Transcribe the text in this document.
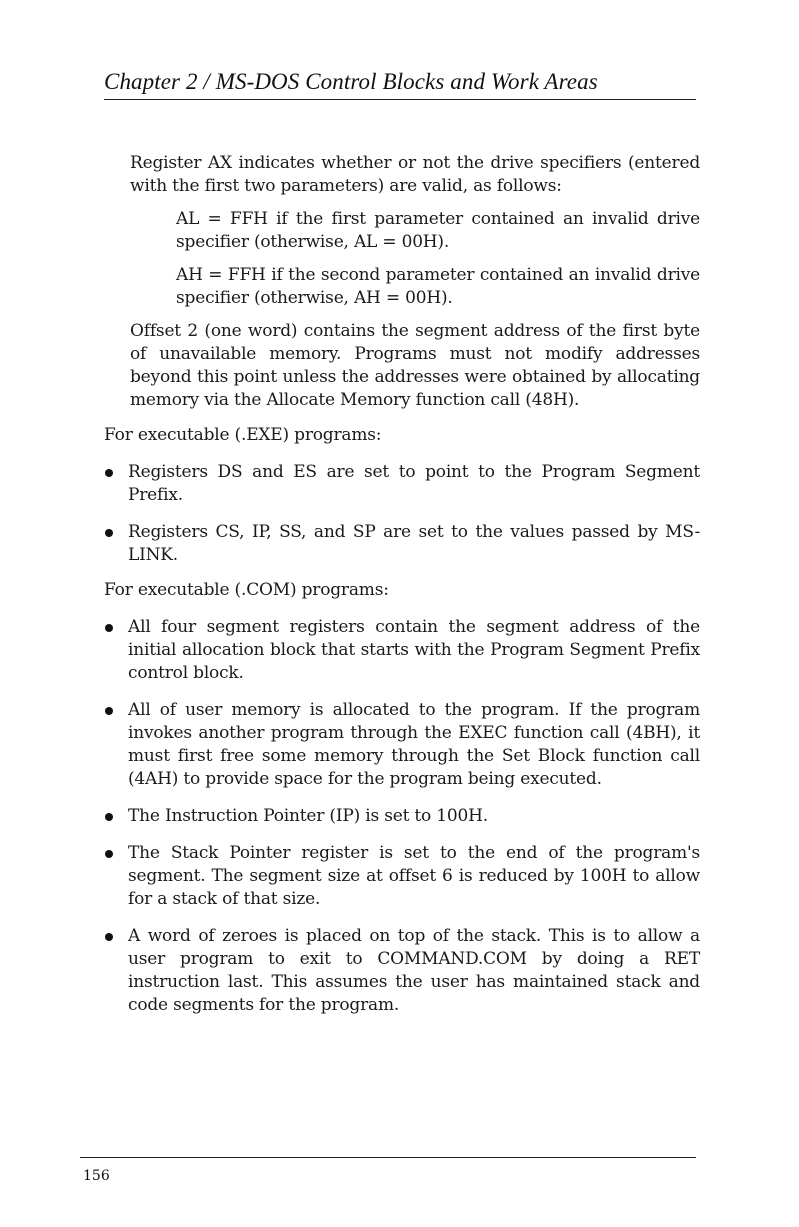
Chapter 2 / MS-DOS Control Blocks and Work Areas

Register AX indicates whether or not the drive specifiers (entered with the first two parameters) are valid, as follows:

AL = FFH if the first parameter contained an invalid drive specifier (otherwise, AL = 00H).

AH = FFH if the second parameter contained an invalid drive specifier (otherwise, AH = 00H).

Offset 2 (one word) contains the segment address of the first byte of unavailable memory. Programs must not modify addresses beyond this point unless the addresses were obtained by allocating memory via the Allocate Memory function call (48H).

For executable (.EXE) programs:

Registers DS and ES are set to point to the Program Segment Prefix.
Registers CS, IP, SS, and SP are set to the values passed by MS-LINK.

For executable (.COM) programs:

All four segment registers contain the segment address of the initial allocation block that starts with the Program Segment Prefix control block.
All of user memory is allocated to the program. If the program invokes another program through the EXEC function call (4BH), it must first free some memory through the Set Block function call (4AH) to provide space for the program being executed.
The Instruction Pointer (IP) is set to 100H.
The Stack Pointer register is set to the end of the program's segment. The segment size at offset 6 is reduced by 100H to allow for a stack of that size.
A word of zeroes is placed on top of the stack. This is to allow a user program to exit to COMMAND.COM by doing a RET instruction last. This assumes the user has maintained stack and code segments for the program.
156
